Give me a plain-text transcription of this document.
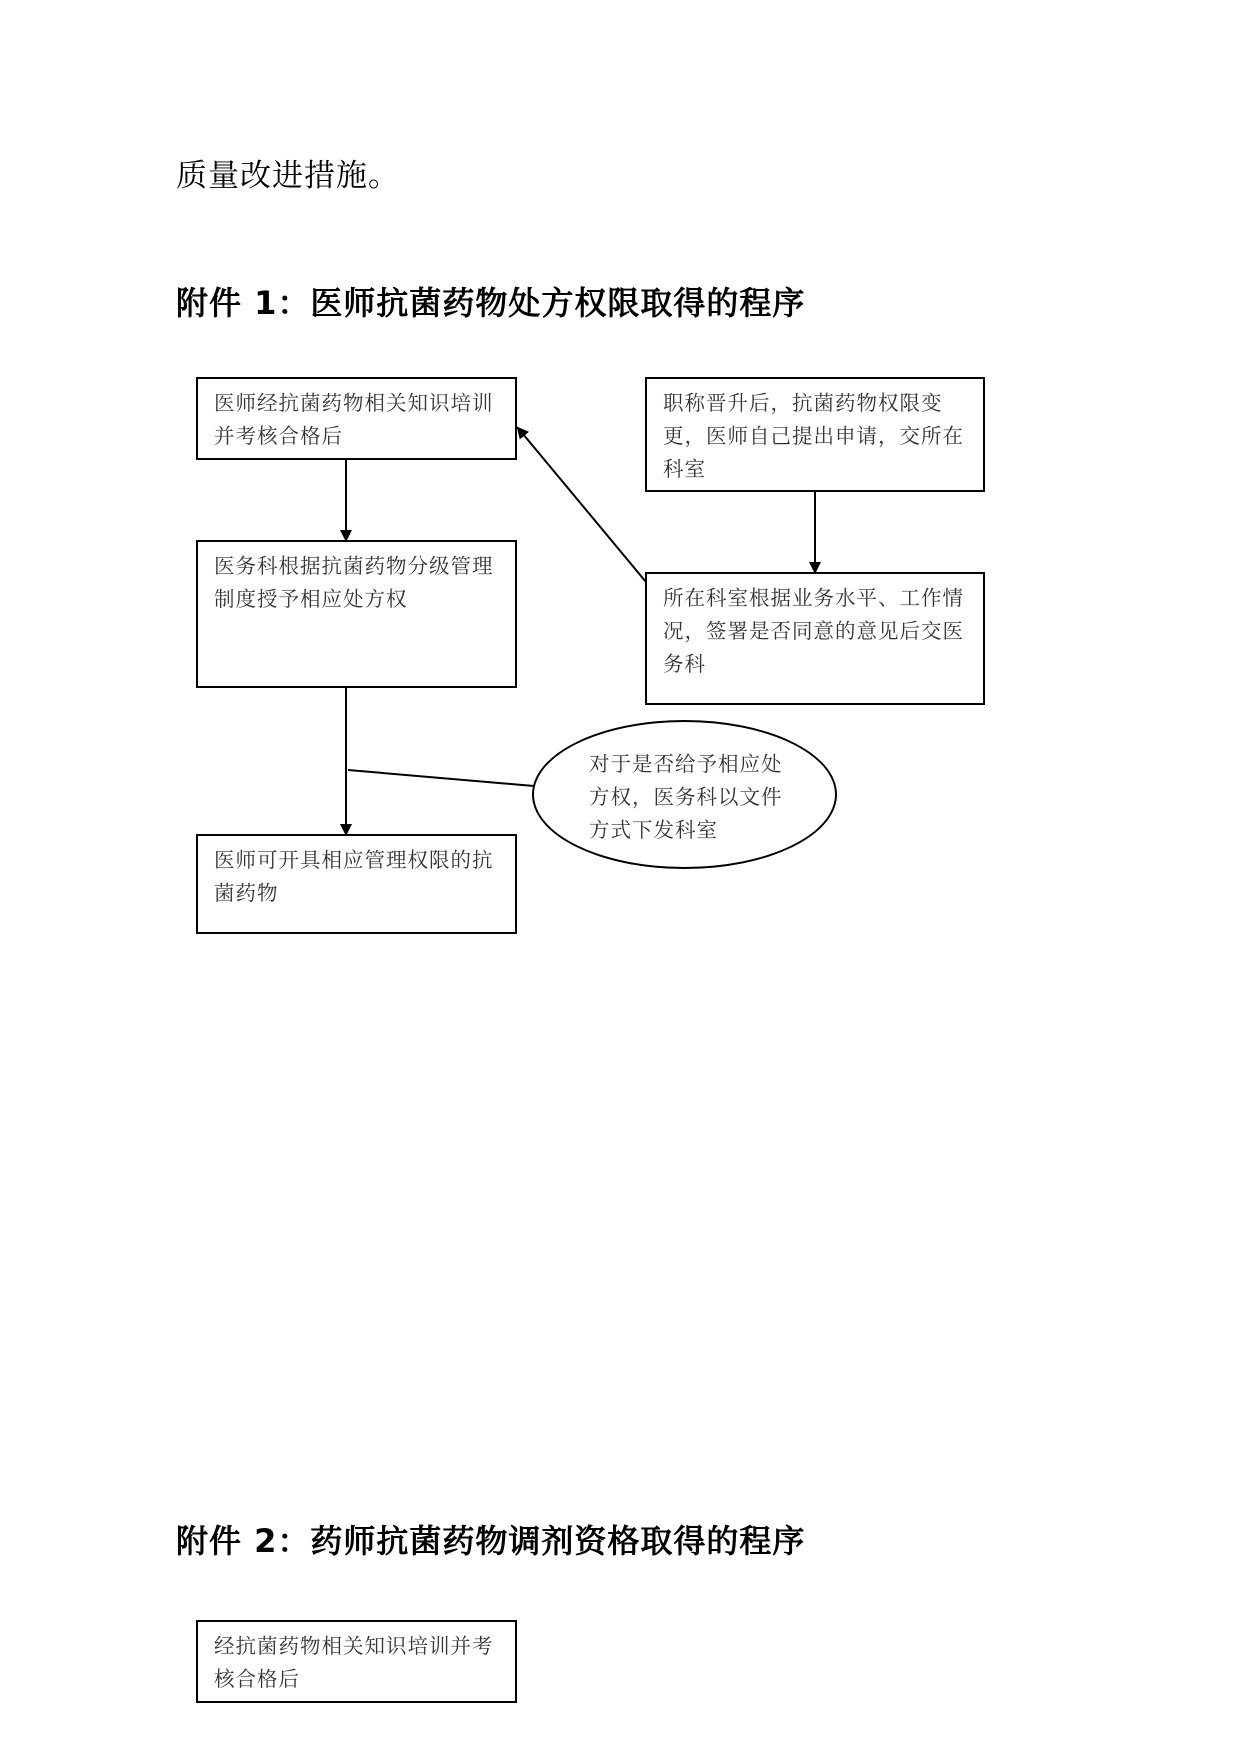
质量改进措施。
附件 1：医师抗菌药物处方权限取得的程序
医师经抗菌药物相关知识培训并考核合格后
职称晋升后，抗菌药物权限变更，医师自己提出申请，交所在科室
医务科根据抗菌药物分级管理制度授予相应处方权	所在科室根据业务水平、工作情况，签署是否同意的意见后交医务科
对于是否给予相应处方权，医务科以文件方式下发科室
医师可开具相应管理权限的抗菌药物
附件 2：药师抗菌药物调剂资格取得的程序
经抗菌药物相关知识培训并考核合格后
